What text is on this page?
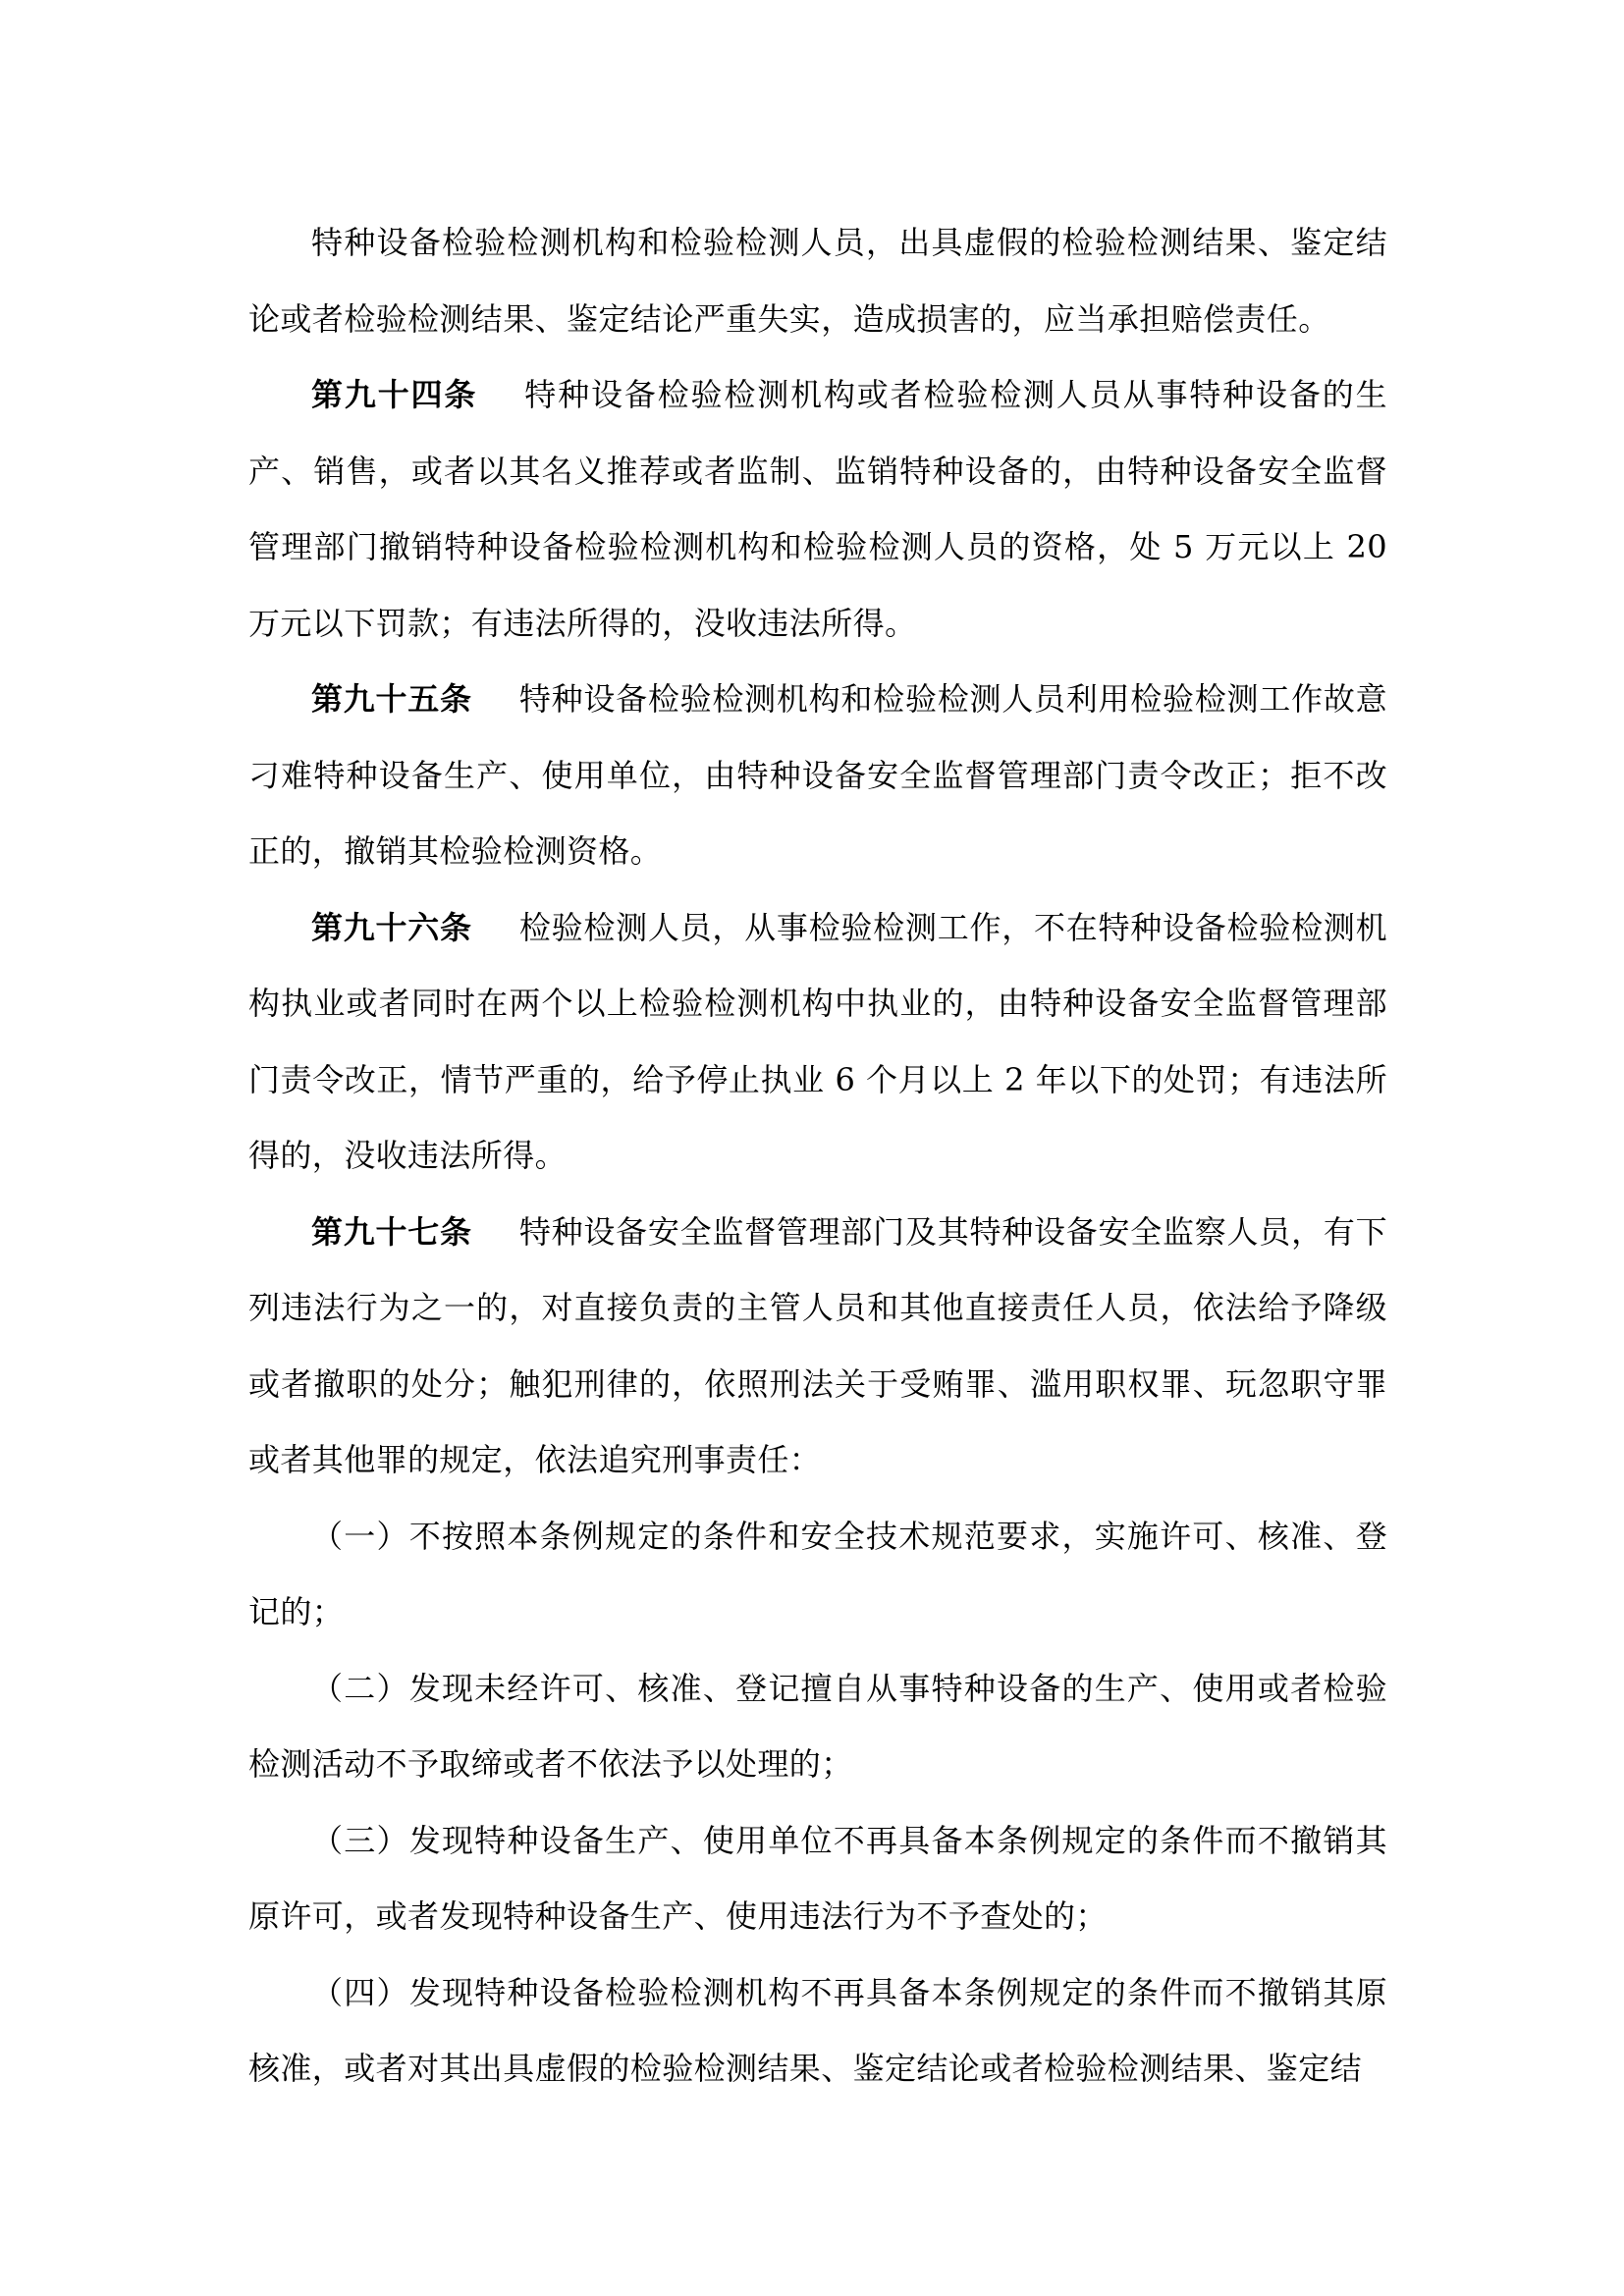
特种设备检验检测机构和检验检测人员，出具虚假的检验检测结果、鉴定结论或者检验检测结果、鉴定结论严重失实，造成损害的，应当承担赔偿责任。

第九十四条 特种设备检验检测机构或者检验检测人员从事特种设备的生产、销售，或者以其名义推荐或者监制、监销特种设备的，由特种设备安全监督管理部门撤销特种设备检验检测机构和检验检测人员的资格，处 5 万元以上 20 万元以下罚款；有违法所得的，没收违法所得。

第九十五条 特种设备检验检测机构和检验检测人员利用检验检测工作故意刁难特种设备生产、使用单位，由特种设备安全监督管理部门责令改正；拒不改正的，撤销其检验检测资格。

第九十六条 检验检测人员，从事检验检测工作，不在特种设备检验检测机构执业或者同时在两个以上检验检测机构中执业的，由特种设备安全监督管理部门责令改正，情节严重的，给予停止执业 6 个月以上 2 年以下的处罚；有违法所得的，没收违法所得。

第九十七条 特种设备安全监督管理部门及其特种设备安全监察人员，有下列违法行为之一的，对直接负责的主管人员和其他直接责任人员，依法给予降级或者撤职的处分；触犯刑律的，依照刑法关于受贿罪、滥用职权罪、玩忽职守罪或者其他罪的规定，依法追究刑事责任：

（一）不按照本条例规定的条件和安全技术规范要求，实施许可、核准、登记的；

（二）发现未经许可、核准、登记擅自从事特种设备的生产、使用或者检验检测活动不予取缔或者不依法予以处理的；

（三）发现特种设备生产、使用单位不再具备本条例规定的条件而不撤销其原许可，或者发现特种设备生产、使用违法行为不予查处的；

（四）发现特种设备检验检测机构不再具备本条例规定的条件而不撤销其原核准，或者对其出具虚假的检验检测结果、鉴定结论或者检验检测结果、鉴定结
